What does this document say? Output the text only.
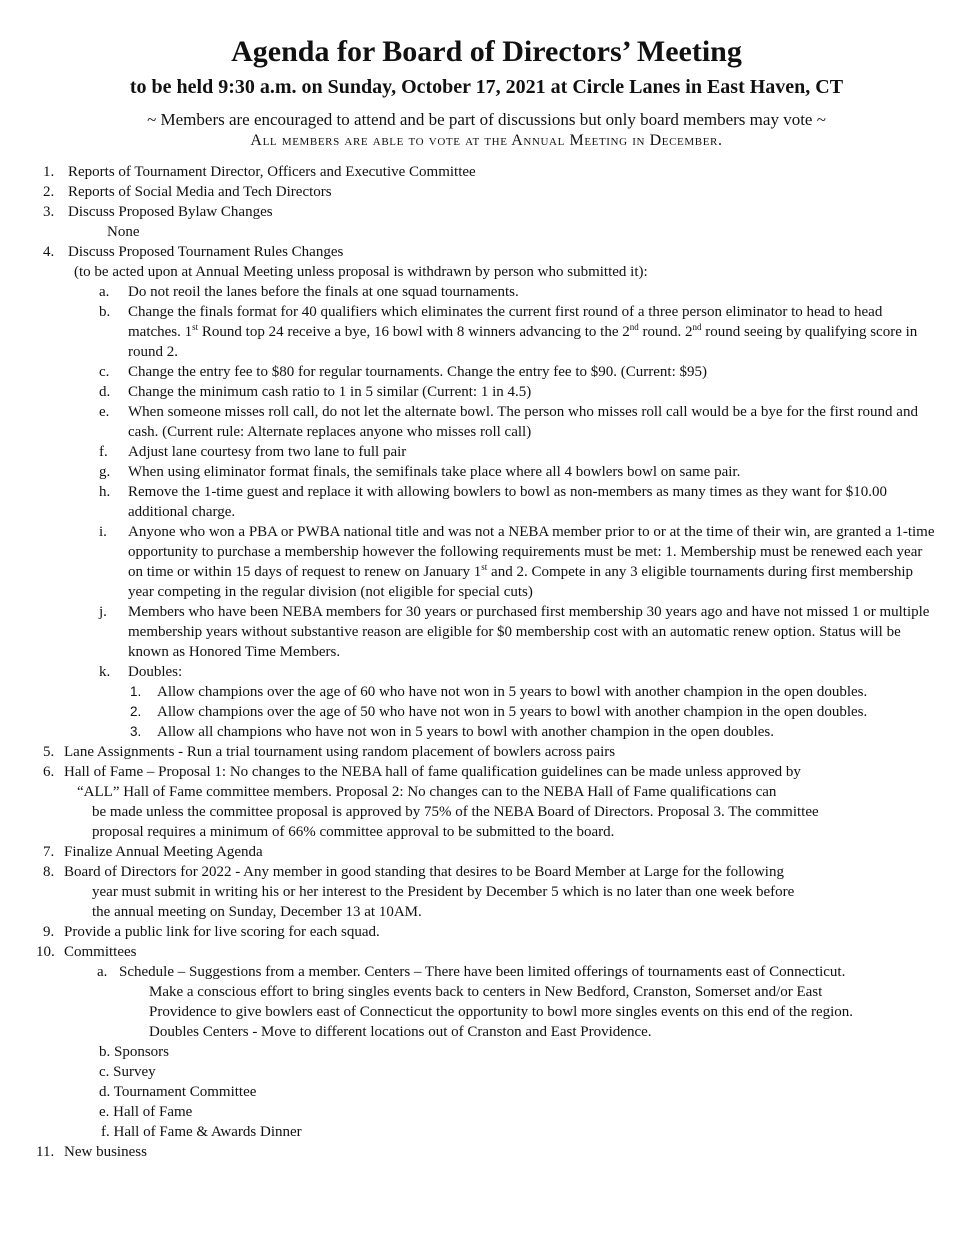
Agenda for Board of Directors’ Meeting
to be held 9:30 a.m. on Sunday, October 17, 2021 at Circle Lanes in East Haven, CT
~ Members are encouraged to attend and be part of discussions but only board members may vote ~
All members are able to vote at the Annual Meeting in December.
1. Reports of Tournament Director, Officers and Executive Committee
2. Reports of Social Media and Tech Directors
3. Discuss Proposed Bylaw Changes
None
4. Discuss Proposed Tournament Rules Changes
(to be acted upon at Annual Meeting unless proposal is withdrawn by person who submitted it):
a. Do not reoil the lanes before the finals at one squad tournaments.
b. Change the finals format for 40 qualifiers which eliminates the current first round of a three person eliminator to head to head matches. 1st Round top 24 receive a bye, 16 bowl with 8 winners advancing to the 2nd round. 2nd round seeing by qualifying score in round 2.
c. Change the entry fee to $80 for regular tournaments. Change the entry fee to $90. (Current: $95)
d. Change the minimum cash ratio to 1 in 5 similar (Current: 1 in 4.5)
e. When someone misses roll call, do not let the alternate bowl. The person who misses roll call would be a bye for the first round and cash. (Current rule: Alternate replaces anyone who misses roll call)
f. Adjust lane courtesy from two lane to full pair
g. When using eliminator format finals, the semifinals take place where all 4 bowlers bowl on same pair.
h. Remove the 1-time guest and replace it with allowing bowlers to bowl as non-members as many times as they want for $10.00 additional charge.
i. Anyone who won a PBA or PWBA national title and was not a NEBA member prior to or at the time of their win, are granted a 1-time opportunity to purchase a membership however the following requirements must be met: 1. Membership must be renewed each year on time or within 15 days of request to renew on January 1st and 2. Compete in any 3 eligible tournaments during first membership year competing in the regular division (not eligible for special cuts)
j. Members who have been NEBA members for 30 years or purchased first membership 30 years ago and have not missed 1 or multiple membership years without substantive reason are eligible for $0 membership cost with an automatic renew option. Status will be known as Honored Time Members.
k. Doubles:
1. Allow champions over the age of 60 who have not won in 5 years to bowl with another champion in the open doubles.
2. Allow champions over the age of 50 who have not won in 5 years to bowl with another champion in the open doubles.
3. Allow all champions who have not won in 5 years to bowl with another champion in the open doubles.
5. Lane Assignments - Run a trial tournament using random placement of bowlers across pairs
6. Hall of Fame – Proposal 1: No changes to the NEBA hall of fame qualification guidelines can be made unless approved by
“ALL” Hall of Fame committee members. Proposal 2: No changes can to the NEBA Hall of Fame qualifications can
be made unless the committee proposal is approved by 75% of the NEBA Board of Directors. Proposal 3. The committee
proposal requires a minimum of 66% committee approval to be submitted to the board.
7. Finalize Annual Meeting Agenda
8. Board of Directors for 2022 - Any member in good standing that desires to be Board Member at Large for the following
year must submit in writing his or her interest to the President by December 5 which is no later than one week before
the annual meeting on Sunday, December 13 at 10AM.
9. Provide a public link for live scoring for each squad.
10. Committees
a. Schedule – Suggestions from a member. Centers – There have been limited offerings of tournaments east of Connecticut.
Make a conscious effort to bring singles events back to centers in New Bedford, Cranston, Somerset and/or East
Providence to give bowlers east of Connecticut the opportunity to bowl more singles events on this end of the region.
Doubles Centers - Move to different locations out of Cranston and East Providence.
b. Sponsors
c. Survey
d. Tournament Committee
e. Hall of Fame
f. Hall of Fame & Awards Dinner
11. New business
